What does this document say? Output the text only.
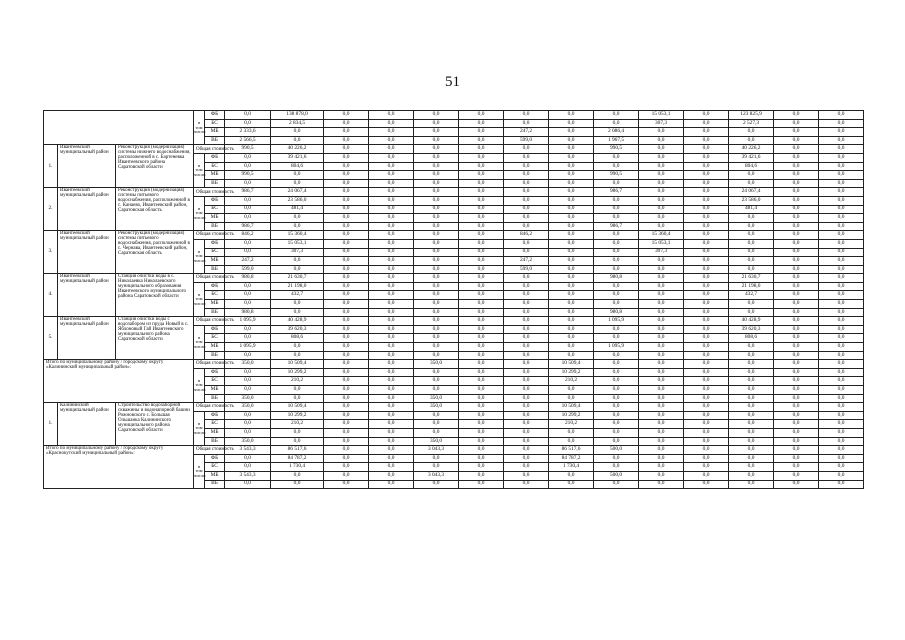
51
			в том числе:	ФБ	0,0	138 878,0	0,0	0,0	0,0	0,0	0,0	0,0	0,0	15 053,1	0,0	123 825,9	0,0	0,0
				БС	0,0	2 834,5	0,0	0,0	0,0	0,0	0,0	0,0	0,0	307,3	0,0	2 527,3	0,0	0,0
				МБ	2 333,6	0,0	0,0	0,0	0,0	0,0	247,2	0,0	2 086,4	0,0	0,0	0,0	0,0	0,0
				ВБ	2 566,5	0,0	0,0	0,0	0,0	0,0	599,0	0,0	1 967,5	0,0	0,0	0,0	0,0	0,0
1.	Ивантеевский муниципальный район	Реконструкция (модернизация) системы нижнего водоснабжения, расположенной в с. Бартеневка Ивантеевского района Саратовской области	Общая стоимость		990,5	40 226,2	0,0	0,0	0,0	0,0	0,0	0,0	990,5	0,0	0,0	40 226,2	0,0	0,0
			в том числе:	ФБ	0,0	39 421,6	0,0	0,0	0,0	0,0	0,0	0,0	0,0	0,0	0,0	39 421,6	0,0	0,0
				БС	0,0	804,6	0,0	0,0	0,0	0,0	0,0	0,0	0,0	0,0	0,0	804,6	0,0	0,0
				МБ	990,5	0,0	0,0	0,0	0,0	0,0	0,0	0,0	990,5	0,0	0,0	0,0	0,0	0,0
				ВБ	0,0	0,0	0,0	0,0	0,0	0,0	0,0	0,0	0,0	0,0	0,0	0,0	0,0	0,0
2.	Ивантеевский муниципальный район	Реконструкция (модернизация) системы питьевого водоснабжения, расположенной в с. Канаево, Ивантеевский район, Саратовская область	Общая стоимость		986,7	24 067,4	0,0	0,0	0,0	0,0	0,0	0,0	986,7	0,0	0,0	24 067,4	0,0	0,0
			в том числе:	ФБ	0,0	23 586,0	0,0	0,0	0,0	0,0	0,0	0,0	0,0	0,0	0,0	23 586,0	0,0	0,0
				БС	0,0	481,4	0,0	0,0	0,0	0,0	0,0	0,0	0,0	0,0	0,0	481,4	0,0	0,0
				МБ	0,0	0,0	0,0	0,0	0,0	0,0	0,0	0,0	0,0	0,0	0,0	0,0	0,0	0,0
				ВБ	986,7	0,0	0,0	0,0	0,0	0,0	0,0	0,0	986,7	0,0	0,0	0,0	0,0	0,0
3.	Ивантеевский муниципальный район	Реконструкция (модернизация) системы питьевого водоснабжения, расположенной в с. Чернава, Ивантеевский район, Саратовская область	Общая стоимость		846,2	15 360,4	0,0	0,0	0,0	0,0	846,2	0,0	0,0	15 360,4	0,0	0,0	0,0	0,0
			в том числе:	ФБ	0,0	15 053,1	0,0	0,0	0,0	0,0	0,0	0,0	0,0	15 053,1	0,0	0,0	0,0	0,0
				БС	0,0	307,3	0,0	0,0	0,0	0,0	0,0	0,0	0,0	307,3	0,0	0,0	0,0	0,0
				МБ	247,2	0,0	0,0	0,0	0,0	0,0	247,2	0,0	0,0	0,0	0,0	0,0	0,0	0,0
				ВБ	599,0	0,0	0,0	0,0	0,0	0,0	599,0	0,0	0,0	0,0	0,0	0,0	0,0	0,0
4.	Ивантеевский муниципальный район	Станция очистки воды в с. Николаевка Николаевского муниципального образования Ивантеевского муниципального района Саратовской области	Общая стоимость		980,8	21 630,7	0,0	0,0	0,0	0,0	0,0	0,0	980,8	0,0	0,0	21 630,7	0,0	0,0
			в том числе:	ФБ	0,0	21 198,0	0,0	0,0	0,0	0,0	0,0	0,0	0,0	0,0	0,0	21 198,0	0,0	0,0
				БС	0,0	432,7	0,0	0,0	0,0	0,0	0,0	0,0	0,0	0,0	0,0	432,7	0,0	0,0
				МБ	0,0	0,0	0,0	0,0	0,0	0,0	0,0	0,0	0,0	0,0	0,0	0,0	0,0	0,0
				ВБ	980,8	0,0	0,0	0,0	0,0	0,0	0,0	0,0	980,8	0,0	0,0	0,0	0,0	0,0
5.	Ивантеевский муниципальный район	Станция очистки воды с водозабором из пруда Новый в с. Яблоновый Гай Ивантеевского муниципального района Саратовской области	Общая стоимость		1 095,9	40 428,9	0,0	0,0	0,0	0,0	0,0	0,0	1 095,9	0,0	0,0	40 428,9	0,0	0,0
			в том числе:	ФБ	0,0	39 620,3	0,0	0,0	0,0	0,0	0,0	0,0	0,0	0,0	0,0	39 620,3	0,0	0,0
				БС	0,0	808,6	0,0	0,0	0,0	0,0	0,0	0,0	0,0	0,0	0,0	808,6	0,0	0,0
				МБ	1 095,9	0,0	0,0	0,0	0,0	0,0	0,0	0,0	1 095,9	0,0	0,0	0,0	0,0	0,0
				ВБ	0,0	0,0	0,0	0,0	0,0	0,0	0,0	0,0	0,0	0,0	0,0	0,0	0,0	0,0
Итого по муниципальному району / городскому округу «Калининский муниципальный район»:			Общая стоимость		350,0	10 509,4	0,0	0,0	350,0	0,0	0,0	10 509,4	0,0	0,0	0,0	0,0	0,0	0,0
			в том числе:	ФБ	0,0	10 299,2	0,0	0,0	0,0	0,0	0,0	10 299,2	0,0	0,0	0,0	0,0	0,0	0,0
				БС	0,0	210,2	0,0	0,0	0,0	0,0	0,0	210,2	0,0	0,0	0,0	0,0	0,0	0,0
				МБ	0,0	0,0	0,0	0,0	0,0	0,0	0,0	0,0	0,0	0,0	0,0	0,0	0,0	0,0
				ВБ	350,0	0,0	0,0	0,0	350,0	0,0	0,0	0,0	0,0	0,0	0,0	0,0	0,0	0,0
1.	Калининский муниципальный район	Строительство водозаборной скважины и водонапорной башни Рожновского с. Большая Ольшанка Калининского муниципального района Саратовской области	Общая стоимость		350,0	10 509,4	0,0	0,0	350,0	0,0	0,0	10 509,4	0,0	0,0	0,0	0,0	0,0	0,0
			в том числе:	ФБ	0,0	10 299,2	0,0	0,0	0,0	0,0	0,0	10 299,2	0,0	0,0	0,0	0,0	0,0	0,0
				БС	0,0	210,2	0,0	0,0	0,0	0,0	0,0	210,2	0,0	0,0	0,0	0,0	0,0	0,0
				МБ	0,0	0,0	0,0	0,0	0,0	0,0	0,0	0,0	0,0	0,0	0,0	0,0	0,0	0,0
				ВБ	350,0	0,0	0,0	0,0	350,0	0,0	0,0	0,0	0,0	0,0	0,0	0,0	0,0	0,0
Итого по муниципальному району / городскому округу «Краснокутский муниципальный район»:			Общая стоимость		3 543,3	86 517,6	0,0	0,0	3 043,3	0,0	0,0	86 517,6	500,0	0,0	0,0	0,0	0,0	0,0
			в том числе:	ФБ	0,0	84 787,2	0,0	0,0	0,0	0,0	0,0	84 787,2	0,0	0,0	0,0	0,0	0,0	0,0
				БС	0,0	1 730,4	0,0	0,0	0,0	0,0	0,0	1 730,4	0,0	0,0	0,0	0,0	0,0	0,0
				МБ	3 543,3	0,0	0,0	0,0	3 043,3	0,0	0,0	0,0	500,0	0,0	0,0	0,0	0,0	0,0
				ВБ	0,0	0,0	0,0	0,0	0,0	0,0	0,0	0,0	0,0	0,0	0,0	0,0	0,0	0,0
